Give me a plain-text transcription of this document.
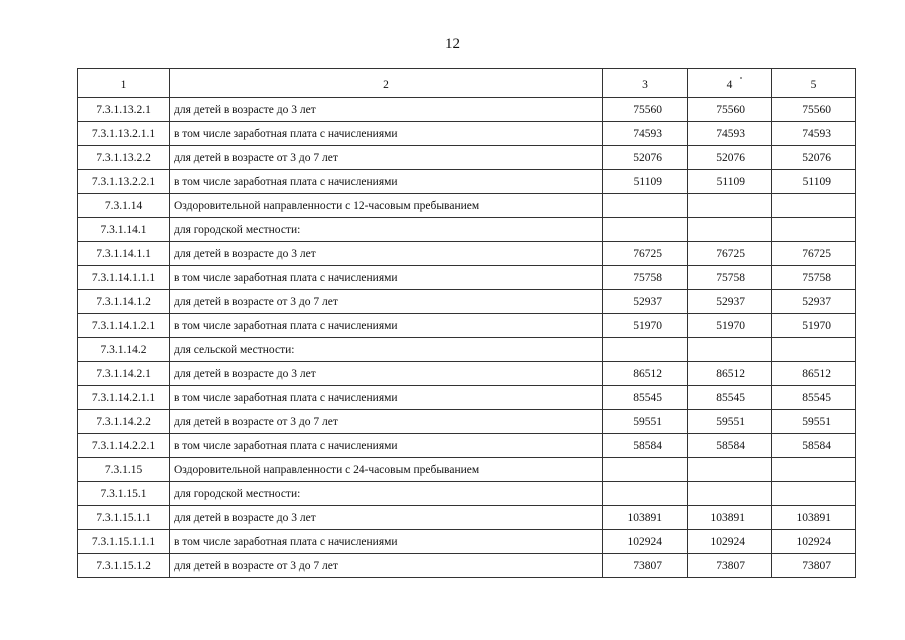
12
1	2	3	4	5
7.3.1.13.2.1	для детей в возрасте до 3 лет	75560	75560	75560
7.3.1.13.2.1.1	в том числе заработная плата с начислениями	74593	74593	74593
7.3.1.13.2.2	для детей в возрасте от 3 до 7 лет	52076	52076	52076
7.3.1.13.2.2.1	в том числе заработная плата с начислениями	51109	51109	51109
7.3.1.14	Оздоровительной направленности с 12-часовым пребыванием			
7.3.1.14.1	для городской местности:			
7.3.1.14.1.1	для детей в возрасте до 3 лет	76725	76725	76725
7.3.1.14.1.1.1	в том числе заработная плата с начислениями	75758	75758	75758
7.3.1.14.1.2	для детей в возрасте от 3 до 7 лет	52937	52937	52937
7.3.1.14.1.2.1	в том числе заработная плата с начислениями	51970	51970	51970
7.3.1.14.2	для сельской местности:			
7.3.1.14.2.1	для детей в возрасте до 3 лет	86512	86512	86512
7.3.1.14.2.1.1	в том числе заработная плата с начислениями	85545	85545	85545
7.3.1.14.2.2	для детей в возрасте от 3 до 7 лет	59551	59551	59551
7.3.1.14.2.2.1	в том числе заработная плата с начислениями	58584	58584	58584
7.3.1.15	Оздоровительной направленности с 24-часовым пребыванием			
7.3.1.15.1	для городской местности:			
7.3.1.15.1.1	для детей в возрасте до 3 лет	103891	103891	103891
7.3.1.15.1.1.1	в том числе заработная плата с начислениями	102924	102924	102924
7.3.1.15.1.2	для детей в возрасте от 3 до 7 лет	73807	73807	73807
